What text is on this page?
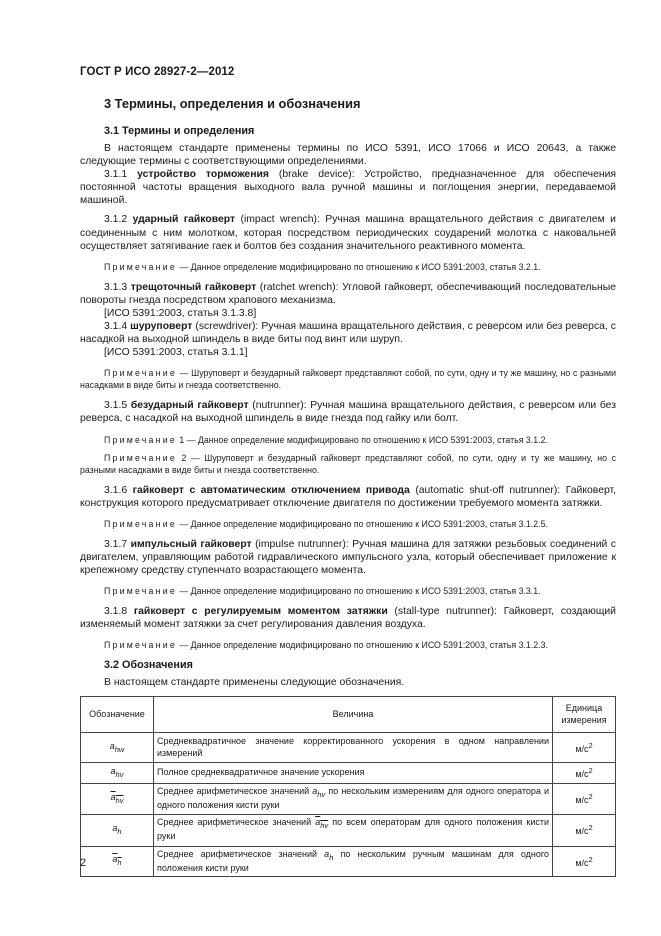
ГОСТ Р ИСО 28927-2—2012
3 Термины, определения и обозначения
3.1 Термины и определения

В настоящем стандарте применены термины по ИСО 5391, ИСО 17066 и ИСО 20643, а также следующие термины с соответствующими определениями.

3.1.1 устройство торможения (brake device): Устройство, предназначенное для обеспечения постоянной частоты вращения выходного вала ручной машины и поглощения энергии, передаваемой машиной.

3.1.2 ударный гайковерт (impact wrench): Ручная машина вращательного действия с двигателем и соединенным с ним молотком, которая посредством периодических соударений молотка с наковальней осуществляет затягивание гаек и болтов без создания значительного реактивного момента.

Примечание — Данное определение модифицировано по отношению к ИСО 5391:2003, статья 3.2.1.

3.1.3 трещоточный гайковерт (ratchet wrench): Угловой гайковерт, обеспечивающий последовательные повороты гнезда посредством храпового механизма.

[ИСО 5391:2003, статья 3.1.3.8]

3.1.4 шуруповерт (screwdriver): Ручная машина вращательного действия, с реверсом или без реверса, с насадкой на выходной шпиндель в виде биты под винт или шуруп.

[ИСО 5391:2003, статья 3.1.1]

Примечание — Шуруповерт и безударный гайковерт представляют собой, по сути, одну и ту же машину, но с разными насадками в виде биты и гнезда соответственно.

3.1.5 безударный гайковерт (nutrunner): Ручная машина вращательного действия, с реверсом или без реверса, с насадкой на выходной шпиндель в виде гнезда под гайку или болт.

Примечание 1 — Данное определение модифицировано по отношению к ИСО 5391:2003, статья 3.1.2.

Примечание 2 — Шуруповерт и безударный гайковерт представляют собой, по сути, одну и ту же машину, но с разными насадками в виде биты и гнезда соответственно.

3.1.6 гайковерт с автоматическим отключением привода (automatic shut-off nutrunner): Гайковерт, конструкция которого предусматривает отключение двигателя по достижении требуемого момента затяжки.

Примечание — Данное определение модифицировано по отношению к ИСО 5391:2003, статья 3.1.2.5.

3.1.7 импульсный гайковерт (impulse nutrunner): Ручная машина для затяжки резьбовых соединений с двигателем, управляющим работой гидравлического импульсного узла, который обеспечивает приложение к крепежному средству ступенчато возрастающего момента.

Примечание — Данное определение модифицировано по отношению к ИСО 5391:2003, статья 3.3.1.

3.1.8 гайковерт с регулируемым моментом затяжки (stall-type nutrunner): Гайковерт, создающий изменяемый момент затяжки за счет регулирования давления воздуха.

Примечание — Данное определение модифицировано по отношению к ИСО 5391:2003, статья 3.1.2.3.

3.2 Обозначения

В настоящем стандарте применены следующие обозначения.

Обозначение	Величина	Единица измерения
$a_{hw}$	Среднеквадратичное значение корректированного ускорения в одном направлении измерений	$м/с^2$
$a_{hv}$	Полное среднеквадратичное значение ускорения	$м/с^2$
$a_{hv}$	Среднее арифметическое значений $a_{hv}$ по нескольким измерениям для одного оператора и одного положения кисти руки	$м/с^2$
$a_h$	Среднее арифметическое значений $a_{hv}$ по всем операторам для одного положения кисти руки	$м/с^2$
$a_h$	Среднее арифметическое значений $a_h$ по нескольким ручным машинам для одного положения кисти руки	$м/с^2$
2
